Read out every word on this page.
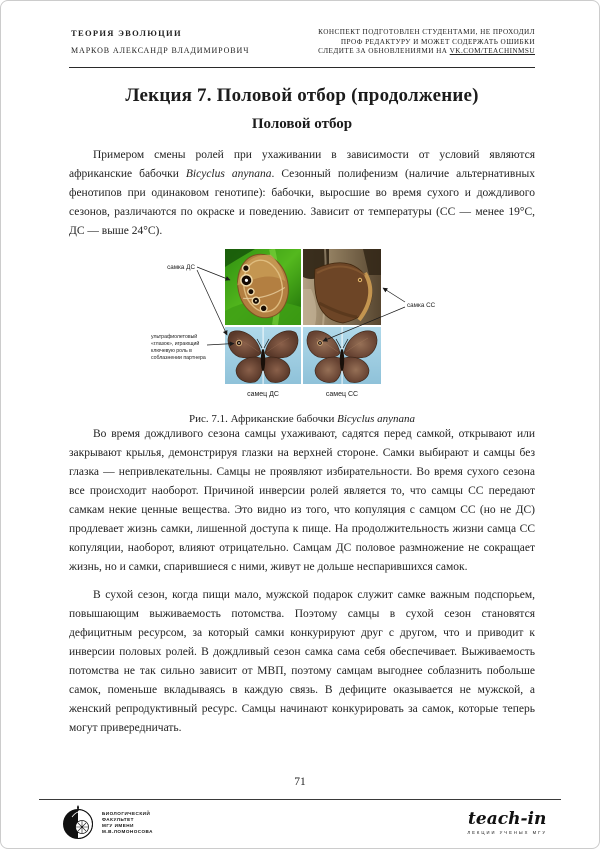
ТЕОРИЯ ЭВОЛЮЦИИ
МАРКОВ АЛЕКСАНДР ВЛАДИМИРОВИЧ
КОНСПЕКТ ПОДГОТОВЛЕН СТУДЕНТАМИ, НЕ ПРОХОДИЛ
ПРОФ РЕДАКТУРУ И МОЖЕТ СОДЕРЖАТЬ ОШИБКИ
СЛЕДИТЕ ЗА ОБНОВЛЕНИЯМИ НА VK.COM/TEACHINMSU
Лекция 7. Половой отбор (продолжение)
Половой отбор

Примером смены ролей при ухаживании в зависимости от условий являются африканские бабочки Bicyclus anynana. Сезонный полифенизм (наличие альтернативных фенотипов при одинаковом генотипе): бабочки, выросшие во время сухого и дождливого сезонов, различаются по окраске и поведению. Зависит от температуры (СС — менее 19°C, ДС — выше 24°C).

самка ДС
самка СС
ультрафиолетовый
«глазок», играющий
ключевую роль в
соблазнении партнера
самец ДС	самец СС
Рис. 7.1. Африканские бабочки Bicyclus anynana

Во время дождливого сезона самцы ухаживают, садятся перед самкой, открывают или закрывают крылья, демонстрируя глазки на верхней стороне. Самки выбирают и самцы без глазка — непривлекательны. Самцы не проявляют избирательности. Во время сухого сезона все происходит наоборот. Причиной инверсии ролей является то, что самцы СС передают самкам некие ценные вещества. Это видно из того, что копуляция с самцом СС (но не ДС) продлевает жизнь самки, лишенной доступа к пище. На продолжительность жизни самца СС копуляции, наоборот, влияют отрицательно. Самцам ДС половое размножение не сокращает жизнь, но и самки, спарившиеся с ними, живут не дольше неспарившихся самок.

В сухой сезон, когда пищи мало, мужской подарок служит самке важным подспорьем, повышающим выживаемость потомства. Поэтому самцы в сухой сезон становятся дефицитным ресурсом, за который самки конкурируют друг с другом, что и приводит к инверсии половых ролей. В дождливый сезон самка сама себя обеспечивает. Выживаемость потомства не так сильно зависит от МВП, поэтому самцам выгоднее соблазнить побольше самок, поменьше вкладываясь в каждую связь. В дефиците оказывается не мужской, а женский репродуктивный ресурс. Самцы начинают конкурировать за самок, которые теперь могут привередничать.

71
БИОЛОГИЧЕСКИЙ
ФАКУЛЬТЕТ
МГУ ИМЕНИ
М.В.ЛОМОНОСОВА
teach-in
ЛЕКЦИИ УЧЕНЫХ МГУ
